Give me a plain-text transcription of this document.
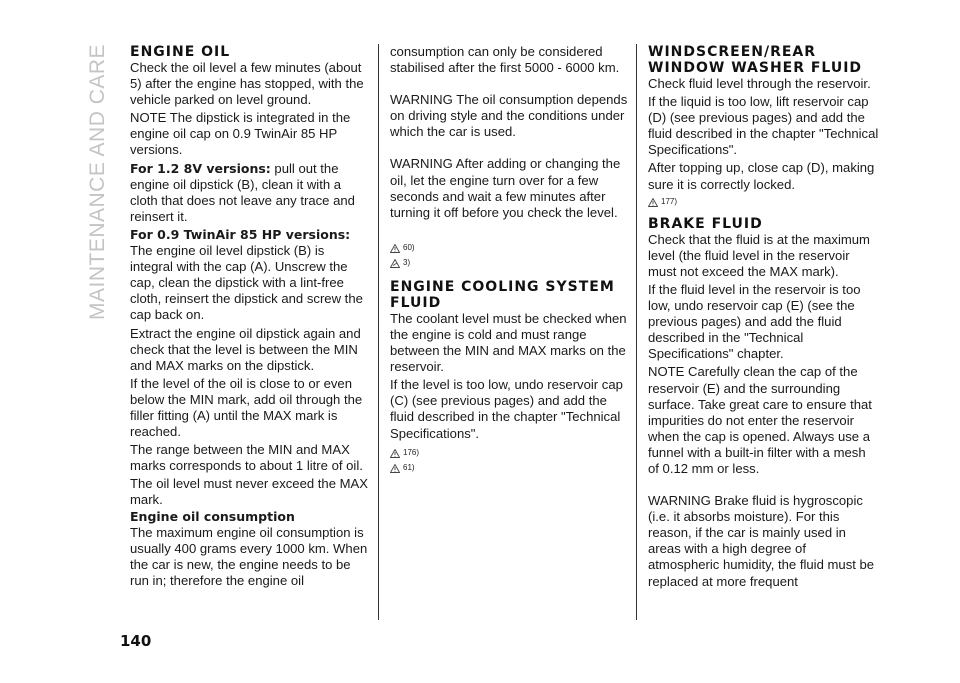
MAINTENANCE AND CARE ENGINE OIL

Check the oil level a few minutes (about 5) after the engine has stopped, with the vehicle parked on level ground.

NOTE The dipstick is integrated in the engine oil cap on 0.9 TwinAir 85 HP versions.

For 1.2 8V versions: pull out the engine oil dipstick (B), clean it with a cloth that does not leave any trace and reinsert it.

For 0.9 TwinAir 85 HP versions: The engine oil level dipstick (B) is integral with the cap (A). Unscrew the cap, clean the dipstick with a lint-free cloth, reinsert the dipstick and screw the cap back on.

Extract the engine oil dipstick again and check that the level is between the MIN and MAX marks on the dipstick.

If the level of the oil is close to or even below the MIN mark, add oil through the filler fitting (A) until the MAX mark is reached.

The range between the MIN and MAX marks corresponds to about 1 litre of oil.

The oil level must never exceed the MAX mark.

Engine oil consumption

The maximum engine oil consumption is usually 400 grams every 1000 km. When the car is new, the engine needs to be run in; therefore the engine oil

consumption can only be considered stabilised after the first 5000 - 6000 km.

WARNING The oil consumption depends on driving style and the conditions under which the car is used.

WARNING After adding or changing the oil, let the engine turn over for a few seconds and wait a few minutes after turning it off before you check the level.

60)
3)
ENGINE COOLING SYSTEM FLUID

The coolant level must be checked when the engine is cold and must range between the MIN and MAX marks on the reservoir.

If the level is too low, undo reservoir cap (C) (see previous pages) and add the fluid described in the chapter "Technical Specifications".

176)
61)
WINDSCREEN/REAR WINDOW WASHER FLUID

Check fluid level through the reservoir.

If the liquid is too low, lift reservoir cap (D) (see previous pages) and add the fluid described in the chapter "Technical Specifications".

After topping up, close cap (D), making sure it is correctly locked.

177)
BRAKE FLUID

Check that the fluid is at the maximum level (the fluid level in the reservoir must not exceed the MAX mark).

If the fluid level in the reservoir is too low, undo reservoir cap (E) (see the previous pages) and add the fluid described in the "Technical Specifications" chapter.

NOTE Carefully clean the cap of the reservoir (E) and the surrounding surface. Take great care to ensure that impurities do not enter the reservoir when the cap is opened. Always use a funnel with a built-in filter with a mesh of 0.12 mm or less.

WARNING Brake fluid is hygroscopic (i.e. it absorbs moisture). For this reason, if the car is mainly used in areas with a high degree of atmospheric humidity, the fluid must be replaced at more frequent

140
